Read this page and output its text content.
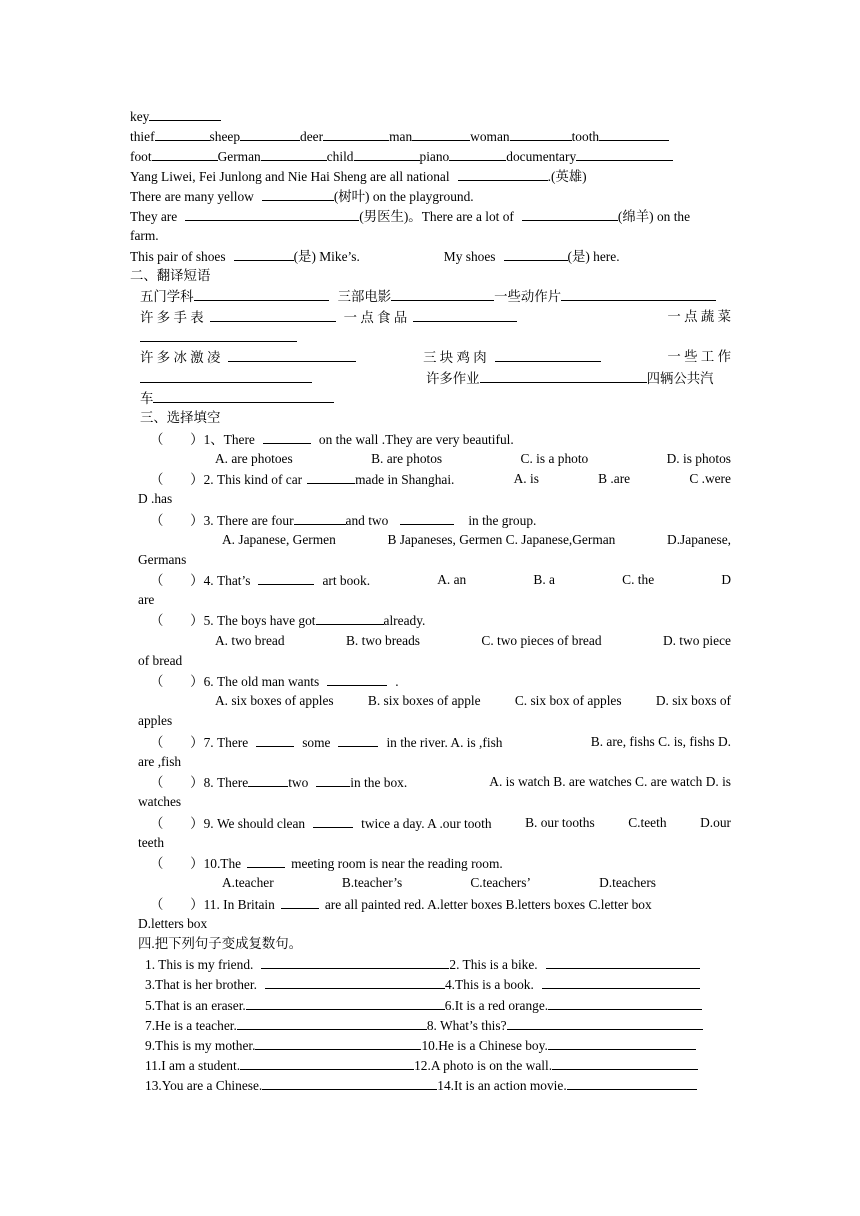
key
thief	sheep	deer	man	woman	tooth
foot	German	child	piano	documentary
Yang Liwei, Fei Junlong and Nie Hai Sheng are all national	.(英雄)
There are many yellow	(树叶) on the playground.
They are	(男医生)。There are a lot of	(绵羊) on the
farm.
This pair of shoes	(是) Mike’s.	My shoes	(是) here.
二、翻译短语
五门学科	三部电影	一些动作片
许 多 手 表	一 点 食 品	一 点 蔬 菜
许 多 冰 激 凌	三 块 鸡 肉	一 些 工 作
许多作业	四辆公共汽
车
三、选择填空
（　　）1、There	on the wall .They are very beautiful.
A. are photoes	B. are photos	C. is a photo	D. is photos
（　　）2. This kind of car	made in Shanghai.	A. is	B .are	C .were
D .has
（　　）3. There are four	and two	in the group.
A. Japanese, Germen	B Japaneses, Germen C. Japanese,German	D.Japanese,
Germans
（　　）4. That’s	art book.	A. an	B. a	C. the	D
are
（　　）5. The boys have got	already.
A. two bread	B. two breads	C. two pieces of bread	D. two piece
of bread
（　　）6. The old man wants	.
A. six boxes of apples	B. six boxes of apple	C. six box of apples	D. six boxs of
apples
（　　）7. There	some	in the river. A. is ,fish	B. are, fishs C. is, fishs D.
are ,fish
（　　）8. There	two	in the box.	A. is watch B. are watches C. are watch D. is
watches
（　　）9. We should clean	twice a day. A .our tooth	B. our tooths	C.teeth	D.our
teeth
（　　）10.The	meeting room is near the reading room.
A.teacher	B.teacher’s	C.teachers’	D.teachers
（　　）11. In Britain	are all painted red. A.letter boxes B.letters boxes C.letter box
D.letters box
四.把下列句子变成复数句。
1. This is my friend.	2. This is a bike.
3.That is her brother.	4.This is a book.
5.That is an eraser.	6.It is a red orange.
7.He is a teacher.	8. What’s this?
9.This is my mother.	10.He is a Chinese boy.
11.I am a student.	12.A photo is on the wall.
13.You are a Chinese.	14.It is an action movie.
